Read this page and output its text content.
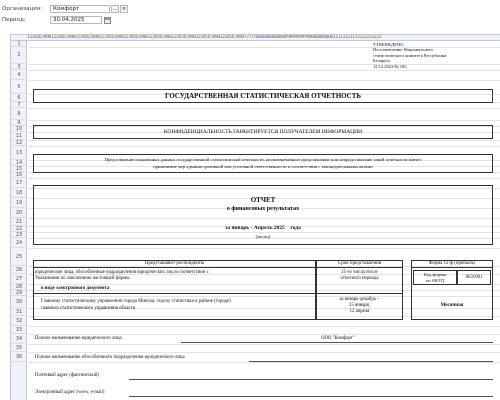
Организация:	Комфорт	... ×
Период:	30.04.2025
123456789012345678901234567890123456789012345678901234567890123456789012345678901234567890777778888888888889999999999000000000011111111112222222222
1
2
3
4
5
6
7
8
9
10
11
12
13
14
15
16
17
18
19
20
21
22
23
24
25
26
27
28
29
30
31
32
33
34
35
36
УТВЕРЖДЕНО
Постановление Национального
статистического комитета Республики
Беларусь
15.12.2023 № 183
ГОСУДАРСТВЕННАЯ СТАТИСТИЧЕСКАЯ ОТЧЕТНОСТЬ
КОНФИДЕНЦИАЛЬНОСТЬ ГАРАНТИРУЕТСЯ ПОЛУЧАТЕЛЕМ ИНФОРМАЦИИ
Представление искаженных данных государственной статистической отчетности, несвоевременное представление или непредставление такой отчетности влечет
применение мер административной или уголовной ответственности в соответствии с законодательными актами
ОТЧЕТ
о финансовых результатах
за январь - Апрель 2025    года
(месяц)
Представляют респонденты	Срок представления
юридические лица, обособленные подразделения юридических лиц в соответствии с
Указаниями по заполнению настоящей формы
в виде электронного документа
25-го числа после
отчетного периода
Главному статистическому управлению города Минска; отделу статистики в районе (городе)
главного статистического управления области
за январь-декабрь –
25 января,
12 апреля
Форма 12-ф (прибыль)
Код формы
по ОКУД	0631001
Месячная
Полное наименование юридического лица	ООО "Комфорт"
Полное наименование обособленного подразделения юридического лица
Почтовый адрес (фактический)
Электронный адрес (www, e-mail)
